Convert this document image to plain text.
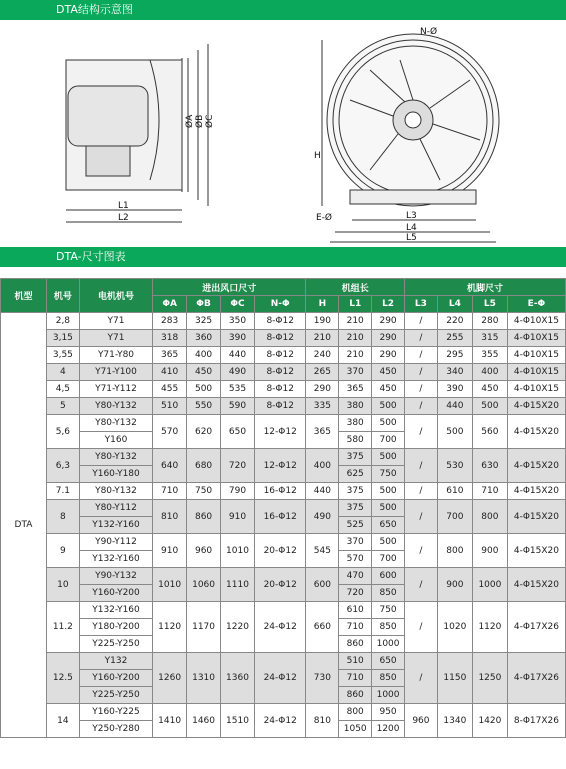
DTA结构示意图
ØA ØB ØC
L1
L2
H
N-Ø
E-Ø	L3
L4
L5
DTA-尺寸图表
机型	机号	电机机号	进出风口尺寸				机组长			机脚尺寸			
			ΦA	ΦB	ΦC	N-Φ	H	L1	L2	L3	L4	L5	E-Φ
DTA	2,8	Y71	283	325	350	8-Φ12	190	210	290	/	220	280	4-Φ10X15
	3,15	Y71	318	360	390	8-Φ12	210	210	290	/	255	315	4-Φ10X15
	3,55	Y71-Y80	365	400	440	8-Φ12	240	210	290	/	295	355	4-Φ10X15
	4	Y71-Y100	410	450	490	8-Φ12	265	370	450	/	340	400	4-Φ10X15
	4,5	Y71-Y112	455	500	535	8-Φ12	290	365	450	/	390	450	4-Φ10X15
	5	Y80-Y132	510	550	590	8-Φ12	335	380	500	/	440	500	4-Φ15X20
	5,6	Y80-Y132	570	620	650	12-Φ12	365	380	500	/	500	560	4-Φ15X20
		Y160						580	700				
	6,3	Y80-Y132	640	680	720	12-Φ12	400	375	500	/	530	630	4-Φ15X20
		Y160-Y180						625	750				
	7.1	Y80-Y132	710	750	790	16-Φ12	440	375	500	/	610	710	4-Φ15X20
	8	Y80-Y112	810	860	910	16-Φ12	490	375	500	/	700	800	4-Φ15X20
		Y132-Y160						525	650				
	9	Y90-Y112	910	960	1010	20-Φ12	545	370	500	/	800	900	4-Φ15X20
		Y132-Y160						570	700				
	10	Y90-Y132	1010	1060	1110	20-Φ12	600	470	600	/	900	1000	4-Φ15X20
		Y160-Y200						720	850				
	11.2	Y132-Y160	1120	1170	1220	24-Φ12	660	610	750	/	1020	1120	4-Φ17X26
		Y180-Y200						710	850				
		Y225-Y250						860	1000				
	12.5	Y132	1260	1310	1360	24-Φ12	730	510	650	/	1150	1250	4-Φ17X26
		Y160-Y200						710	850				
		Y225-Y250						860	1000				
	14	Y160-Y225	1410	1460	1510	24-Φ12	810	800	950	960	1340	1420	8-Φ17X26
		Y250-Y280						1050	1200				
